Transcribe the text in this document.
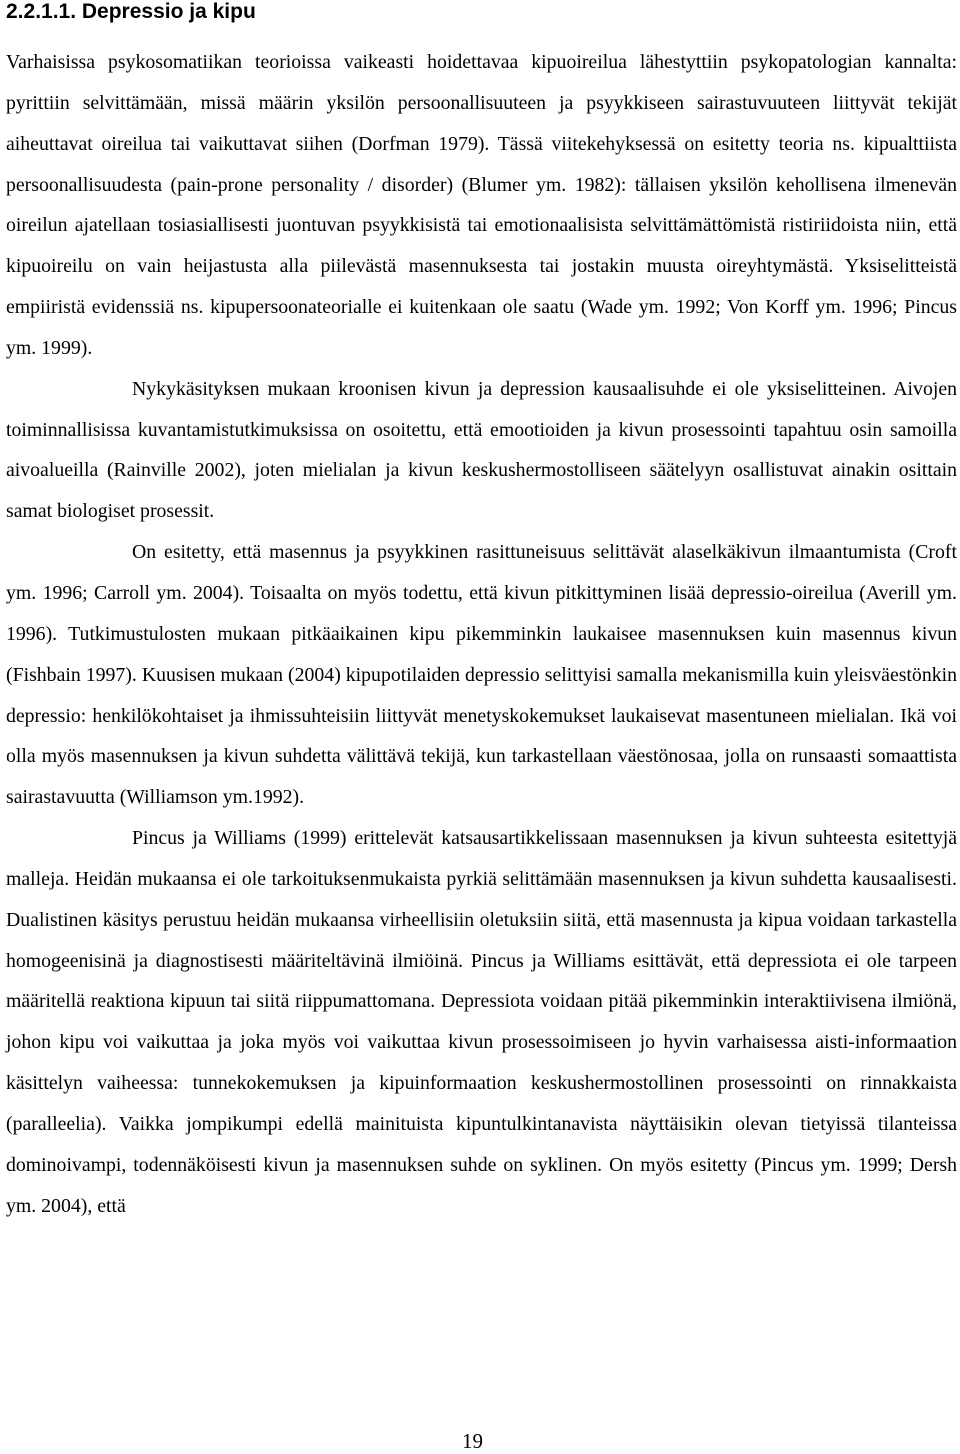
2.2.1.1. Depressio ja kipu

Varhaisissa psykosomatiikan teorioissa vaikeasti hoidettavaa kipuoireilua lähestyttiin psykopatologian kannalta: pyrittiin selvittämään, missä määrin yksilön persoonallisuuteen ja psyykkiseen sairastuvuuteen liittyvät tekijät aiheuttavat oireilua tai vaikuttavat siihen (Dorfman 1979). Tässä viitekehyksessä on esitetty teoria ns. kipualttiista persoonallisuudesta (pain-prone personality / disorder) (Blumer ym. 1982): tällaisen yksilön kehollisena ilmenevän oireilun ajatellaan tosiasiallisesti juontuvan psyykkisistä tai emotionaalisista selvittämättömistä ristiriidoista niin, että kipuoireilu on vain heijastusta alla piilevästä masennuksesta tai jostakin muusta oireyhtymästä. Yksiselitteistä empiiristä evidenssiä ns. kipupersoonateorialle ei kuitenkaan ole saatu (Wade ym. 1992; Von Korff ym. 1996; Pincus ym. 1999).

Nykykäsityksen mukaan kroonisen kivun ja depression kausaalisuhde ei ole yksiselitteinen. Aivojen toiminnallisissa kuvantamistutkimuksissa on osoitettu, että emootioiden ja kivun prosessointi tapahtuu osin samoilla aivoalueilla (Rainville 2002), joten mielialan ja kivun keskushermostolliseen säätelyyn osallistuvat ainakin osittain samat biologiset prosessit.

On esitetty, että masennus ja psyykkinen rasittuneisuus selittävät alaselkäkivun ilmaantumista (Croft ym. 1996; Carroll ym. 2004). Toisaalta on myös todettu, että kivun pitkittyminen lisää depressio-oireilua (Averill ym. 1996). Tutkimustulosten mukaan pitkäaikainen kipu pikemminkin laukaisee masennuksen kuin masennus kivun (Fishbain 1997). Kuusisen mukaan (2004) kipupotilaiden depressio selittyisi samalla mekanismilla kuin yleisväestönkin depressio: henkilökohtaiset ja ihmissuhteisiin liittyvät menetyskokemukset laukaisevat masentuneen mielialan. Ikä voi olla myös masennuksen ja kivun suhdetta välittävä tekijä, kun tarkastellaan väestönosaa, jolla on runsaasti somaattista sairastavuutta (Williamson ym.1992).

Pincus ja Williams (1999) erittelevät katsausartikkelissaan masennuksen ja kivun suhteesta esitettyjä malleja. Heidän mukaansa ei ole tarkoituksenmukaista pyrkiä selittämään masennuksen ja kivun suhdetta kausaalisesti. Dualistinen käsitys perustuu heidän mukaansa virheellisiin oletuksiin siitä, että masennusta ja kipua voidaan tarkastella homogeenisinä ja diagnostisesti määriteltävinä ilmiöinä. Pincus ja Williams esittävät, että depressiota ei ole tarpeen määritellä reaktiona kipuun tai siitä riippumattomana. Depressiota voidaan pitää pikemminkin interaktiivisena ilmiönä, johon kipu voi vaikuttaa ja joka myös voi vaikuttaa kivun prosessoimiseen jo hyvin varhaisessa aisti-informaation käsittelyn vaiheessa: tunnekokemuksen ja kipuinformaation keskushermostollinen prosessointi on rinnakkaista (paralleelia). Vaikka jompikumpi edellä mainituista kipuntulkintanavista näyttäisikin olevan tietyissä tilanteissa dominoivampi, todennäköisesti kivun ja masennuksen suhde on syklinen. On myös esitetty (Pincus ym. 1999; Dersh ym. 2004), että

19
